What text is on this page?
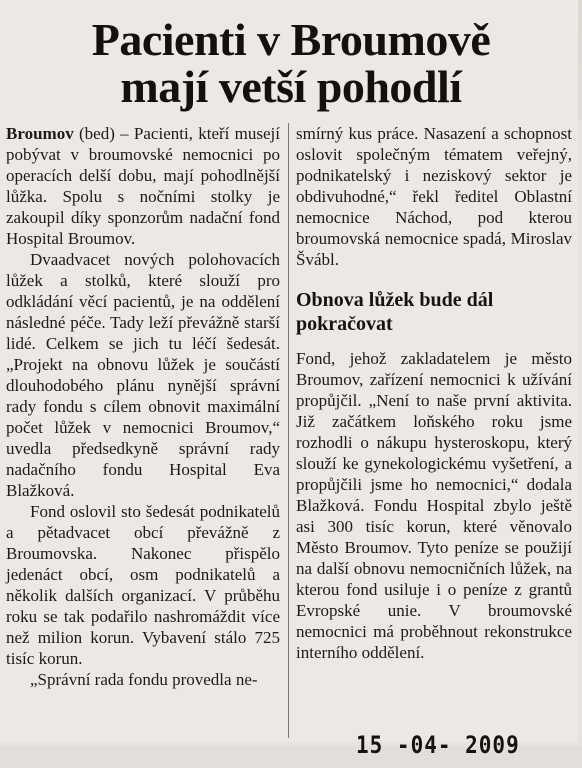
Pacienti v Broumově
mají vetší pohodlí

Broumov (bed) – Pacienti, kteří musejí pobývat v broumovské nemocnici po operacích delší dobu, mají pohodlnější lůžka. Spolu s nočními stolky je zakoupil díky sponzorům nadační fond Hospital Broumov.

Dvaadvacet nových polohovacích lůžek a stolků, které slouží pro odkládání věcí pacientů, je na oddělení následné péče. Tady leží převážně starší lidé. Celkem se jich tu léčí šedesát. „Projekt na obnovu lůžek je součástí dlouhodobého plánu nynější správní rady fondu s cílem obnovit maximální počet lůžek v nemocnici Broumov,“ uvedla předsedkyně správní rady nadačního fondu Hospital Eva Blažková.

Fond oslovil sto šedesát podnikatelů a pětadvacet obcí převážně z Broumovska. Nakonec přispělo jedenáct obcí, osm podnikatelů a několik dalších organizací. V průběhu roku se tak podařilo nashromáždit více než milion korun. Vybavení stálo 725 tisíc korun.

„Správní rada fondu provedla ne-

smírný kus práce. Nasazení a schopnost oslovit společným tématem veřejný, podnikatelský i neziskový sektor je obdivuhodné,“ řekl ředitel Oblastní nemocnice Náchod, pod kterou broumovská nemocnice spadá, Miroslav Švábl.

Obnova lůžek bude dál pokračovat

Fond, jehož zakladatelem je město Broumov, zařízení nemocnici k užívání propůjčil. „Není to naše první aktivita. Již začátkem loňského roku jsme rozhodli o nákupu hysteroskopu, který slouží ke gynekologickému vyšetření, a propůjčili jsme ho nemocnici,“ dodala Blažková. Fondu Hospital zbylo ještě asi 300 tisíc korun, které věnovalo Město Broumov. Tyto peníze se použijí na další obnovu nemocničních lůžek, na kterou fond usiluje i o peníze z grantů Evropské unie. V broumovské nemocnici má proběhnout rekonstrukce interního oddělení.

15 -04- 2009
